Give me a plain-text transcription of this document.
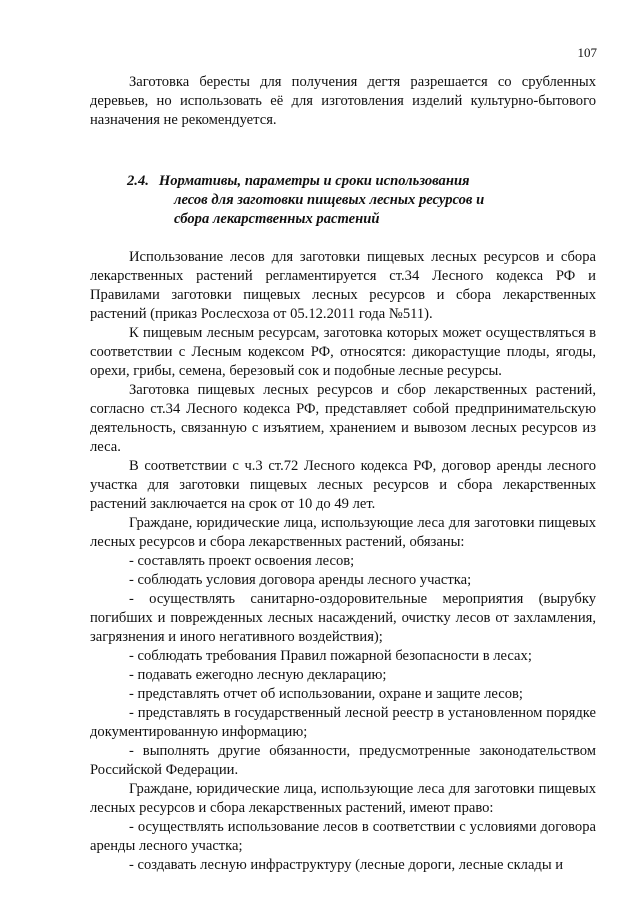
107

Заготовка бересты для получения дегтя разрешается со срубленных деревьев, но использовать её для изготовления изделий культурно-бытового назначения не рекомендуется.

2.4. Нормативы, параметры и сроки использования
лесов для заготовки пищевых лесных ресурсов и
сбора лекарственных растений

Использование лесов для заготовки пищевых лесных ресурсов и сбора лекарственных растений регламентируется ст.34 Лесного кодекса РФ и Правилами заготовки пищевых лесных ресурсов и сбора лекарственных растений (приказ Рослесхоза от 05.12.2011 года №511).

К пищевым лесным ресурсам, заготовка которых может осуществляться в соответствии с Лесным кодексом РФ, относятся: дикорастущие плоды, ягоды, орехи, грибы, семена, березовый сок и подобные лесные ресурсы.

Заготовка пищевых лесных ресурсов и сбор лекарственных растений, согласно ст.34 Лесного кодекса РФ, представляет собой предпринимательскую деятельность, связанную с изъятием, хранением и вывозом лесных ресурсов из леса.

В соответствии с ч.3 ст.72 Лесного кодекса РФ, договор аренды лесного участка для заготовки пищевых лесных ресурсов и сбора лекарственных растений заключается на срок от 10 до 49 лет.

Граждане, юридические лица, использующие леса для заготовки пищевых лесных ресурсов и сбора лекарственных растений, обязаны:

- составлять проект освоения лесов;

- соблюдать условия договора аренды лесного участка;

- осуществлять санитарно-оздоровительные мероприятия (вырубку погибших и поврежденных лесных насаждений, очистку лесов от захламления, загрязнения и иного негативного воздействия);

- соблюдать требования Правил пожарной безопасности в лесах;

- подавать ежегодно лесную декларацию;

- представлять отчет об использовании, охране и защите лесов;

- представлять в государственный лесной реестр в установленном порядке документированную информацию;

- выполнять другие обязанности, предусмотренные законодательством Российской Федерации.

Граждане, юридические лица, использующие леса для заготовки пищевых лесных ресурсов и сбора лекарственных растений, имеют право:

- осуществлять использование лесов в соответствии с условиями договора аренды лесного участка;

- создавать лесную инфраструктуру (лесные дороги, лесные склады и
